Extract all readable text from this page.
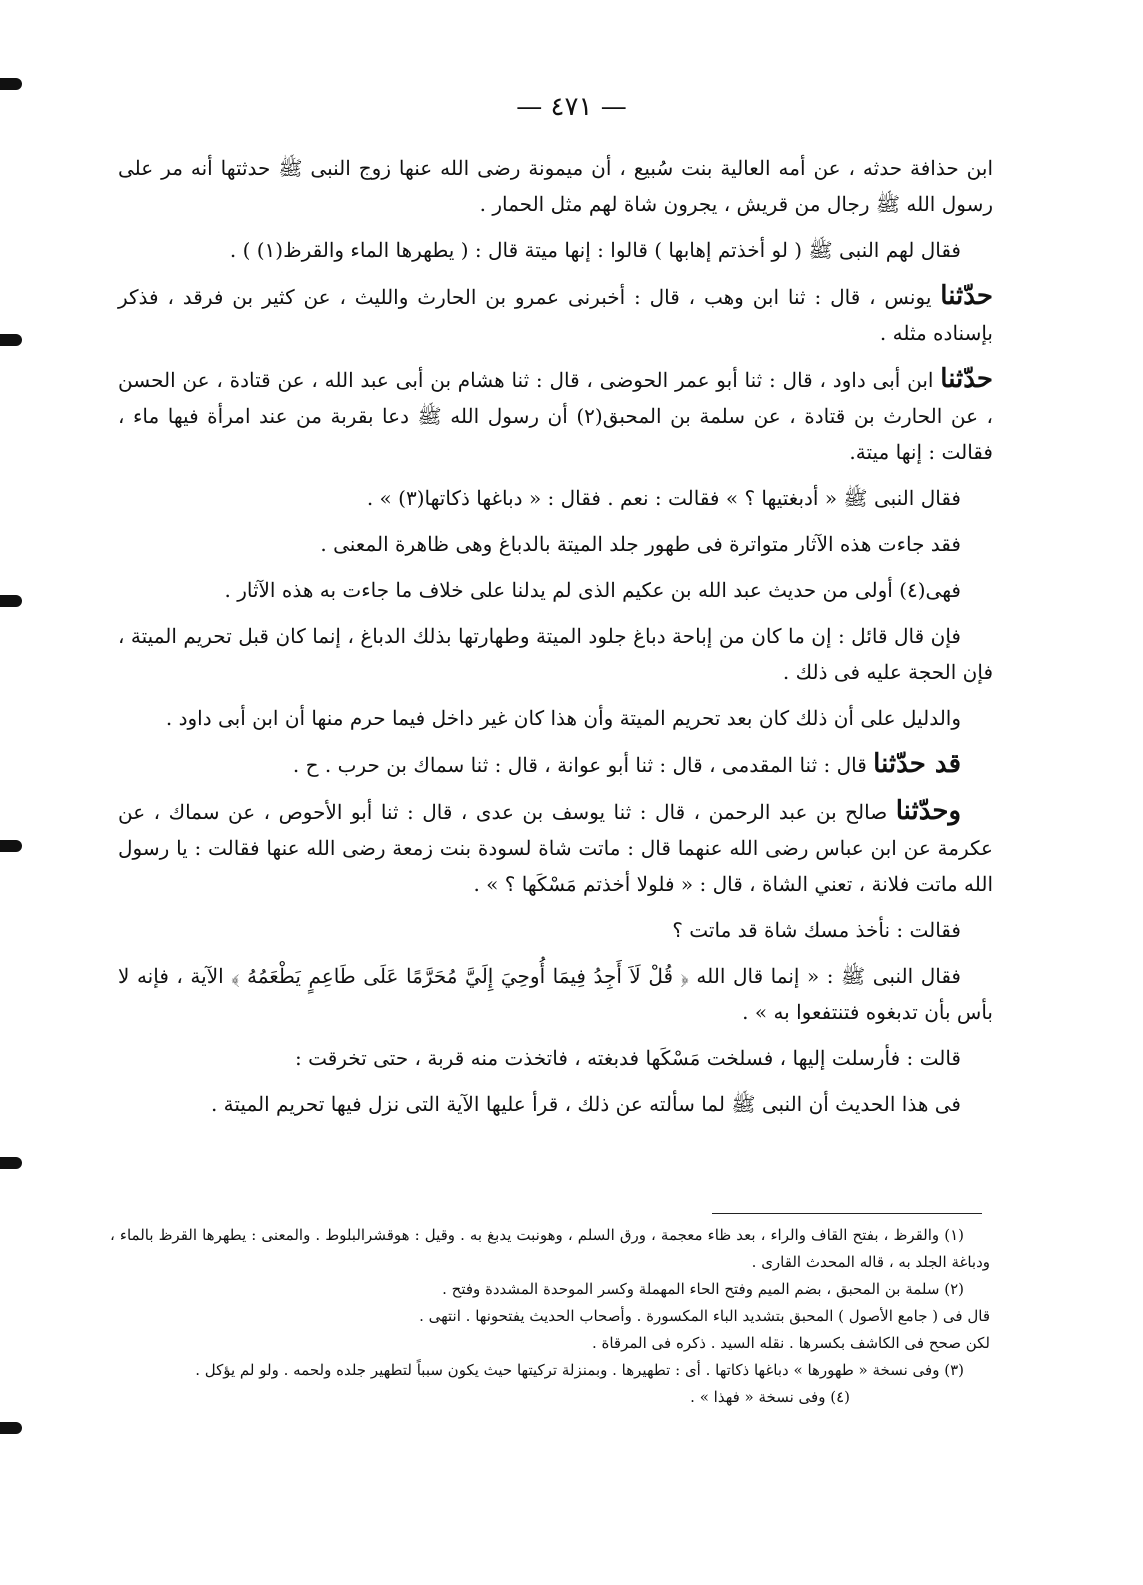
— ٤٧١ —

ابن حذافة حدثه ، عن أمه العالية بنت سُبيع ، أن ميمونة رضى الله عنها زوج النبى ﷺ حدثتها أنه مر على رسول الله ﷺ رجال من قريش ، يجرون شاة لهم مثل الحمار .

فقال لهم النبى ﷺ ( لو أخذتم إهابها ) قالوا : إنها ميتة قال : ( يطهرها الماء والقرظ(١) ) .

حدّثنا يونس ، قال : ثنا ابن وهب ، قال : أخبرنى عمرو بن الحارث والليث ، عن كثير بن فرقد ، فذكر بإسناده مثله .

حدّثنا ابن أبى داود ، قال : ثنا أبو عمر الحوضى ، قال : ثنا هشام بن أبى عبد الله ، عن قتادة ، عن الحسن ، عن الحارث بن قتادة ، عن سلمة بن المحبق(٢) أن رسول الله ﷺ دعا بقربة من عند امرأة فيها ماء ، فقالت : إنها ميتة.

فقال النبى ﷺ « أدبغتيها ؟ » فقالت : نعم . فقال : « دباغها ذكاتها(٣) » .

فقد جاءت هذه الآثار متواترة فى طهور جلد الميتة بالدباغ وهى ظاهرة المعنى .

فهى(٤) أولى من حديث عبد الله بن عكيم الذى لم يدلنا على خلاف ما جاءت به هذه الآثار .

فإن قال قائل : إن ما كان من إباحة دباغ جلود الميتة وطهارتها بذلك الدباغ ، إنما كان قبل تحريم الميتة ، فإن الحجة عليه فى ذلك .

والدليل على أن ذلك كان بعد تحريم الميتة وأن هذا كان غير داخل فيما حرم منها أن ابن أبى داود .

قد حدّثنا قال : ثنا المقدمى ، قال : ثنا أبو عوانة ، قال : ثنا سماك بن حرب . ح .

وحدّثنا صالح بن عبد الرحمن ، قال : ثنا يوسف بن عدى ، قال : ثنا أبو الأحوص ، عن سماك ، عن عكرمة عن ابن عباس رضى الله عنهما قال : ماتت شاة لسودة بنت زمعة رضى الله عنها فقالت : يا رسول الله ماتت فلانة ، تعني الشاة ، قال : « فلولا أخذتم مَسْكَها ؟ » .

فقالت : نأخذ مسك شاة قد ماتت ؟

فقال النبى ﷺ : « إنما قال الله ﴿ قُلْ لَاَ أَجِدُ فِيمَا أُوحِيَ إِلَيَّ مُحَرَّمًا عَلَى طَاعِمٍ يَطْعَمُهُ ﴾ الآية ، فإنه لا بأس بأن تدبغوه فتنتفعوا به » .

قالت : فأرسلت إليها ، فسلخت مَسْكَها فدبغته ، فاتخذت منه قربة ، حتى تخرقت :

فى هذا الحديث أن النبى ﷺ لما سألته عن ذلك ، قرأ عليها الآية التى نزل فيها تحريم الميتة .

(١) والقرظ ، بفتح القاف والراء ، بعد ظاء معجمة ، ورق السلم ، وهونبت يدبغ به . وقيل : هوقشرالبلوط . والمعنى : يطهرها القرظ بالماء ، ودباغة الجلد به ، قاله المحدث القارى .

(٢) سلمة بن المحبق ، بضم الميم وفتح الحاء المهملة وكسر الموحدة المشددة وفتح .

قال فى ( جامع الأصول ) المحبق بتشديد الباء المكسورة . وأصحاب الحديث يفتحونها . انتهى .

لكن صحح فى الكاشف بكسرها . نقله السيد . ذكره فى المرقاة .

(٣) وفى نسخة « طهورها » دباغها ذكاتها . أى : تطهيرها . وبمنزلة تركيتها حيث يكون سبباً لتطهير جلده ولحمه . ولو لم يؤكل .

(٤) وفى نسخة « فهذا » .
